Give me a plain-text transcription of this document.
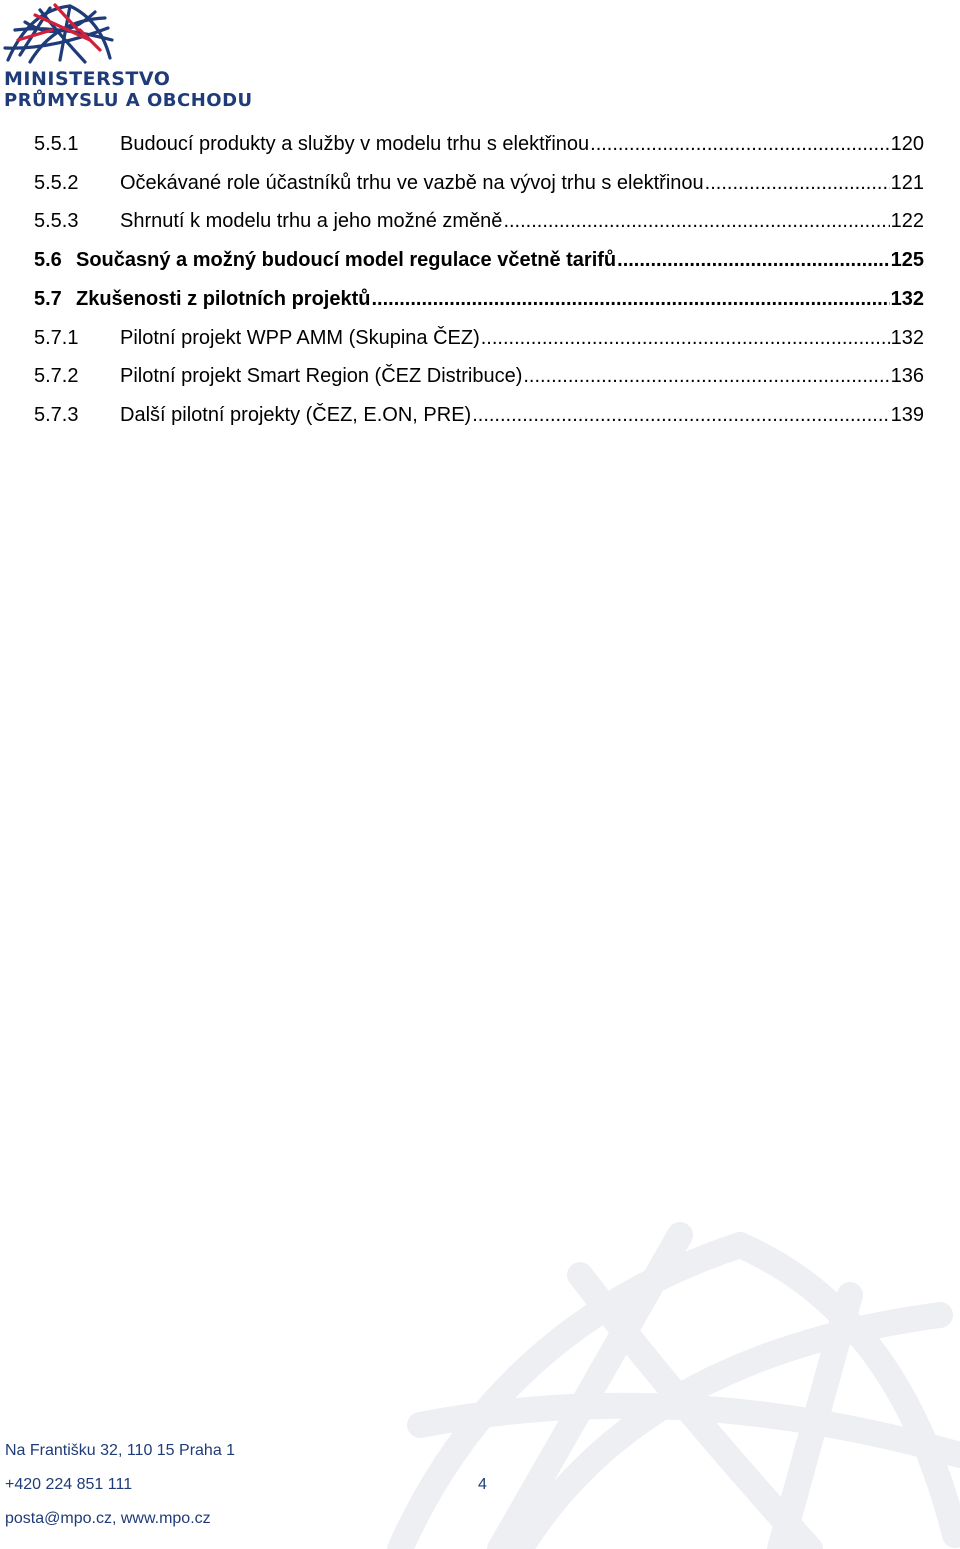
MINISTERSTVO
PRŮMYSLU A OBCHODU
5.5.1	Budoucí produkty a služby v modelu trhu s elektřinou .....	120
5.5.2	Očekávané role účastníků trhu ve vazbě na vývoj trhu s elektřinou .....	121
5.5.3	Shrnutí k modelu trhu a jeho možné změně .....	122
5.6 Současný a možný budoucí model regulace včetně tarifů .....	125
5.7 Zkušenosti z pilotních projektů .....	132
5.7.1	Pilotní projekt WPP AMM (Skupina ČEZ) .....	132
5.7.2	Pilotní projekt Smart Region (ČEZ Distribuce) .....	136
5.7.3	Další pilotní projekty (ČEZ, E.ON, PRE) .....	139
Na Františku 32, 110 15 Praha 1
+420 224 851 111
posta@mpo.cz, www.mpo.cz
4
